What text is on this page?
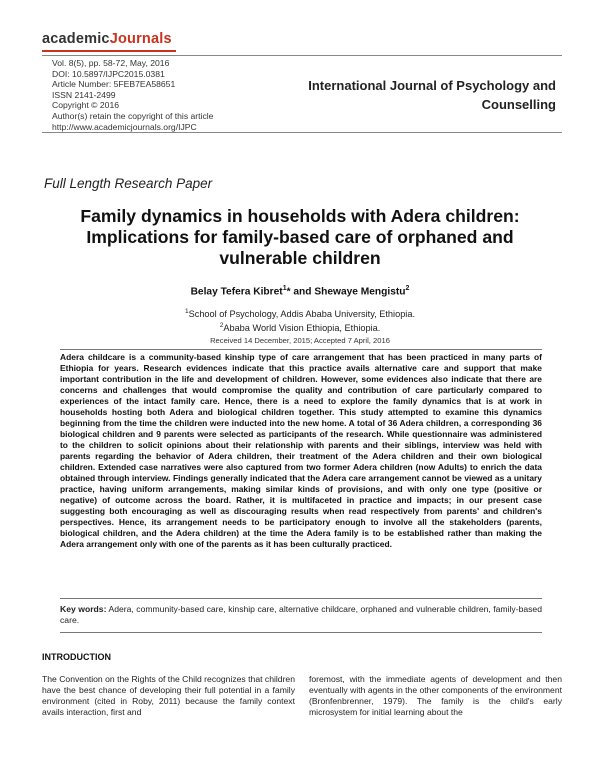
academicJournals
Vol. 8(5), pp. 58-72, May, 2016
DOI: 10.5897/IJPC2015.0381
Article Number: 5FEB7EA58651
ISSN 2141-2499
Copyright © 2016
Author(s) retain the copyright of this article
http://www.academicjournals.org/IJPC
International Journal of Psychology and
Counselling
Full Length Research Paper
Family dynamics in households with Adera children:
Implications for family-based care of orphaned and
vulnerable children
Belay Tefera Kibret$^1$* and Shewaye Mengistu$^2$
$^1$School of Psychology, Addis Ababa University, Ethiopia.
$^2$Ababa World Vision Ethiopia, Ethiopia.
Received 14 December, 2015; Accepted 7 April, 2016

Adera childcare is a community-based kinship type of care arrangement that has been practiced in many parts of Ethiopia for years. Research evidences indicate that this practice avails alternative care and support that make important contribution in the life and development of children. However, some evidences also indicate that there are concerns and challenges that would compromise the quality and contribution of care particularly compared to experiences of the intact family care. Hence, there is a need to explore the family dynamics that is at work in households hosting both Adera and biological children together. This study attempted to examine this dynamics beginning from the time the children were inducted into the new home. A total of 36 Adera children, a corresponding 36 biological children and 9 parents were selected as participants of the research. While questionnaire was administered to the children to solicit opinions about their relationship with parents and their siblings, interview was held with parents regarding the behavior of Adera children, their treatment of the Adera children and their own biological children. Extended case narratives were also captured from two former Adera children (now Adults) to enrich the data obtained through interview. Findings generally indicated that the Adera care arrangement cannot be viewed as a unitary practice, having uniform arrangements, making similar kinds of provisions, and with only one type (positive or negative) of outcome across the board. Rather, it is multifaceted in practice and impacts; in our present case suggesting both encouraging as well as discouraging results when read respectively from parents' and children's perspectives. Hence, its arrangement needs to be participatory enough to involve all the stakeholders (parents, biological children, and the Adera children) at the time the Adera family is to be established rather than making the Adera arrangement only with one of the parents as it has been culturally practiced.

Key words: Adera, community-based care, kinship care, alternative childcare, orphaned and vulnerable children, family-based care.

INTRODUCTION

The Convention on the Rights of the Child recognizes that children have the best chance of developing their full potential in a family environment (cited in Roby, 2011) because the family context avails interaction, first and

foremost, with the immediate agents of development and then eventually with agents in the other components of the environment (Bronfenbrenner, 1979). The family is the child's early microsystem for initial learning about the
